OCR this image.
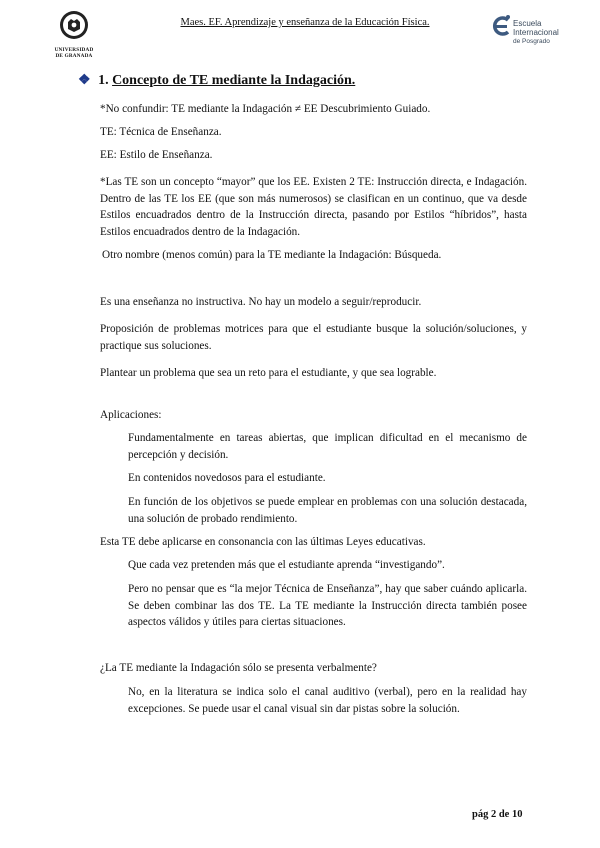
UNIVERSIDAD
DE GRANADA
Maes. EF. Aprendizaje y enseñanza de la Educación Física.	Escuela
Internacional
de Posgrado
❖ 1. Concepto de TE mediante la Indagación.
*No confundir: TE mediante la Indagación ≠ EE Descubrimiento Guiado.
TE: Técnica de Enseñanza.
EE: Estilo de Enseñanza.
*Las TE son un concepto “mayor” que los EE. Existen 2 TE: Instrucción directa, e Indagación. Dentro de las TE los EE (que son más numerosos) se clasifican en un continuo, que va desde Estilos encuadrados dentro de la Instrucción directa, pasando por Estilos “híbridos”, hasta Estilos encuadrados dentro de la Indagación.
Otro nombre (menos común) para la TE mediante la Indagación: Búsqueda.
Es una enseñanza no instructiva. No hay un modelo a seguir/reproducir.
Proposición de problemas motrices para que el estudiante busque la solución/soluciones, y practique sus soluciones.
Plantear un problema que sea un reto para el estudiante, y que sea lograble.
Aplicaciones:
Fundamentalmente en tareas abiertas, que implican dificultad en el mecanismo de percepción y decisión.
En contenidos novedosos para el estudiante.
En función de los objetivos se puede emplear en problemas con una solución destacada, una solución de probado rendimiento.
Esta TE debe aplicarse en consonancia con las últimas Leyes educativas.
Que cada vez pretenden más que el estudiante aprenda “investigando”.
Pero no pensar que es “la mejor Técnica de Enseñanza”, hay que saber cuándo aplicarla. Se deben combinar las dos TE. La TE mediante la Instrucción directa también posee aspectos válidos y útiles para ciertas situaciones.
¿La TE mediante la Indagación sólo se presenta verbalmente?
No, en la literatura se indica solo el canal auditivo (verbal), pero en la realidad hay excepciones. Se puede usar el canal visual sin dar pistas sobre la solución.
pág 2 de 10
